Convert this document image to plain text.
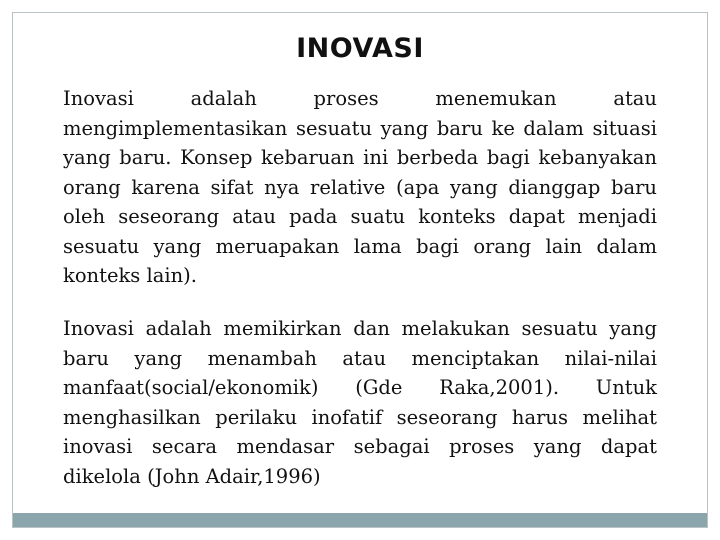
INOVASI

Inovasi adalah proses menemukan atau mengimplementasikan sesuatu yang baru ke dalam situasi yang baru. Konsep kebaruan ini berbeda bagi kebanyakan orang karena sifat nya relative (apa yang dianggap baru oleh seseorang atau pada suatu konteks dapat menjadi sesuatu yang meruapakan lama bagi orang lain dalam konteks lain).

Inovasi adalah memikirkan dan melakukan sesuatu yang baru yang menambah atau menciptakan nilai-nilai manfaat(social/ekonomik) (Gde Raka,2001). Untuk menghasilkan perilaku inofatif seseorang harus melihat inovasi secara mendasar sebagai proses yang dapat dikelola (John Adair,1996)
